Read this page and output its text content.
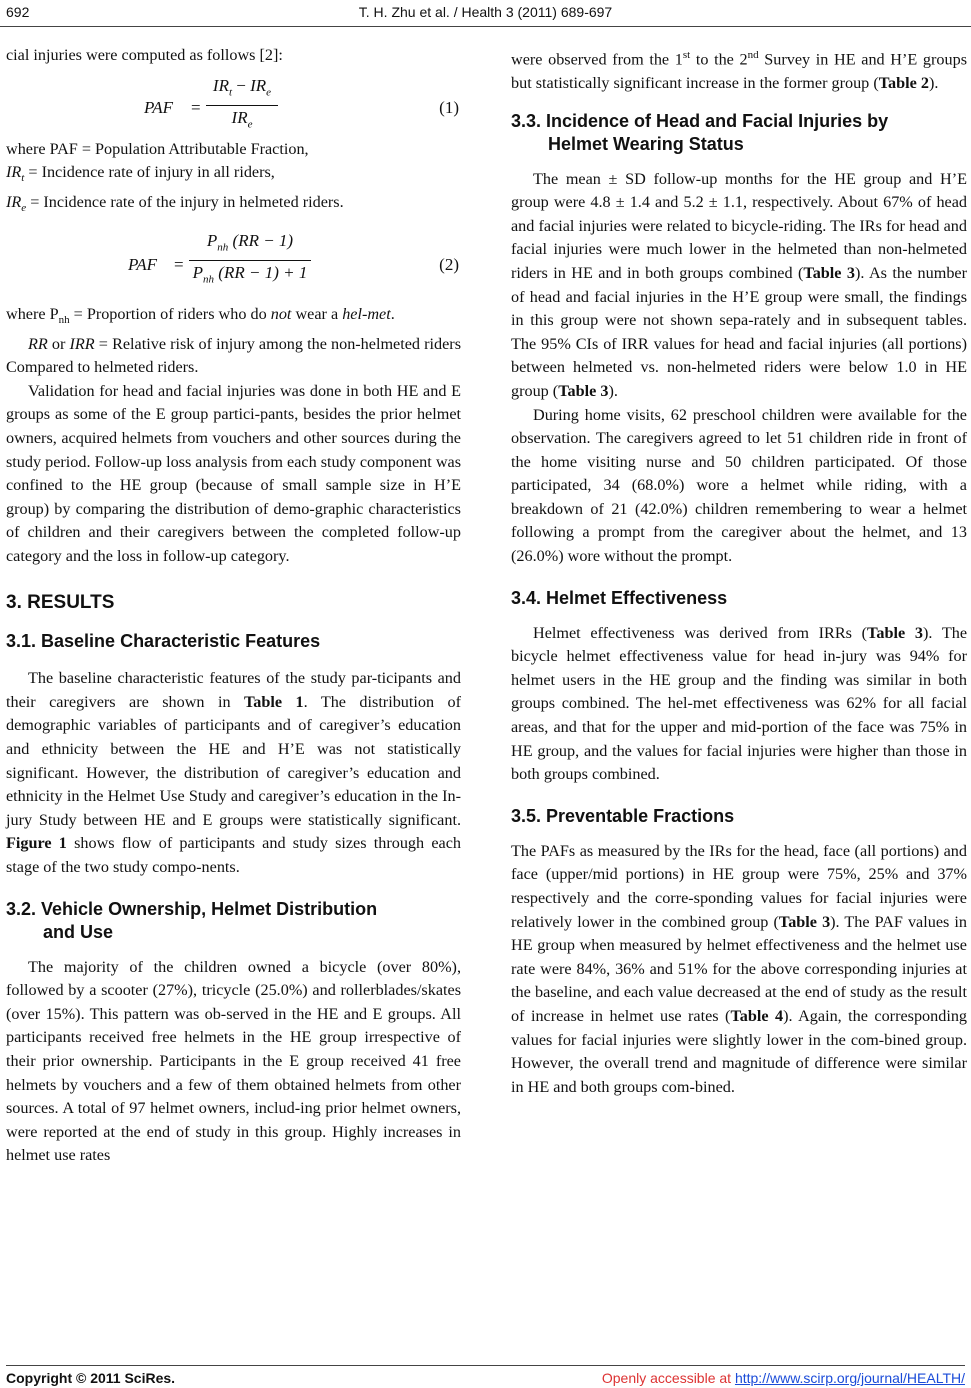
692	T. H. Zhu et al. / Health 3 (2011) 689-697

cial injuries were computed as follows [2]:

PAF =
$IR_t - IR_e$
$IR_e$
(1)

where PAF = Population Attributable Fraction,

$IR_t$ = Incidence rate of injury in all riders,

$IR_e$ = Incidence rate of the injury in helmeted riders.

PAF =
$P_{nh}$ (RR − 1)
$P_{nh}$ (RR − 1) + 1	(2)

where $P_{nh}$ = Proportion of riders who do not wear a hel-met.

RR or IRR = Relative risk of injury among the non-helmeted riders Compared to helmeted riders.

Validation for head and facial injuries was done in both HE and E groups as some of the E group partici-pants, besides the prior helmet owners, acquired helmets from vouchers and other sources during the study period. Follow-up loss analysis from each study component was confined to the HE group (because of small sample size in H’E group) by comparing the distribution of demo-graphic characteristics of children and their caregivers between the completed follow-up category and the loss in follow-up category.

3. RESULTS
3.1. Baseline Characteristic Features

The baseline characteristic features of the study par-ticipants and their caregivers are shown in Table 1. The distribution of demographic variables of participants and of caregiver’s education and ethnicity between the HE and H’E was not statistically significant. However, the distribution of caregiver’s education and ethnicity in the Helmet Use Study and caregiver’s education in the In-jury Study between HE and E groups were statistically significant. Figure 1 shows flow of participants and study sizes through each stage of the two study compo-nents.

3.2. Vehicle Ownership, Helmet Distribution
and Use

The majority of the children owned a bicycle (over 80%), followed by a scooter (27%), tricycle (25.0%) and rollerblades/skates (over 15%). This pattern was ob-served in the HE and E groups. All participants received free helmets in the HE group irrespective of their prior ownership. Participants in the E group received 41 free helmets by vouchers and a few of them obtained helmets from other sources. A total of 97 helmet owners, includ-ing prior helmet owners, were reported at the end of study in this group. Highly increases in helmet use rates

were observed from the 1st to the 2nd Survey in HE and H’E groups but statistically significant increase in the former group (Table 2).

3.3. Incidence of Head and Facial Injuries by
Helmet Wearing Status

The mean ± SD follow-up months for the HE group and H’E group were 4.8 ± 1.4 and 5.2 ± 1.1, respectively. About 67% of head and facial injuries were related to bicycle-riding. The IRs for head and facial injuries were much lower in the helmeted than non-helmeted riders in HE and in both groups combined (Table 3). As the number of head and facial injuries in the H’E group were small, the findings in this group were not shown sepa-rately and in subsequent tables. The 95% CIs of IRR values for head and facial injuries (all portions) between helmeted vs. non-helmeted riders were below 1.0 in HE group (Table 3).

During home visits, 62 preschool children were available for the observation. The caregivers agreed to let 51 children ride in front of the home visiting nurse and 50 children participated. Of those participated, 34 (68.0%) wore a helmet while riding, with a breakdown of 21 (42.0%) children remembering to wear a helmet following a prompt from the caregiver about the helmet, and 13 (26.0%) wore without the prompt.

3.4. Helmet Effectiveness

Helmet effectiveness was derived from IRRs (Table 3). The bicycle helmet effectiveness value for head in-jury was 94% for helmet users in the HE group and the finding was similar in both groups combined. The hel-met effectiveness was 62% for all facial areas, and that for the upper and mid-portion of the face was 75% in HE group, and the values for facial injuries were higher than those in both groups combined.

3.5. Preventable Fractions

The PAFs as measured by the IRs for the head, face (all portions) and face (upper/mid portions) in HE group were 75%, 25% and 37% respectively and the corre-sponding values for facial injuries were relatively lower in the combined group (Table 3). The PAF values in HE group when measured by helmet effectiveness and the helmet use rate were 84%, 36% and 51% for the above corresponding injuries at the baseline, and each value decreased at the end of study as the result of increase in helmet use rates (Table 4). Again, the corresponding values for facial injuries were slightly lower in the com-bined group. However, the overall trend and magnitude of difference were similar in HE and both groups com-bined.

Copyright © 2011 SciRes.	Openly accessible at http://www.scirp.org/journal/HEALTH/
